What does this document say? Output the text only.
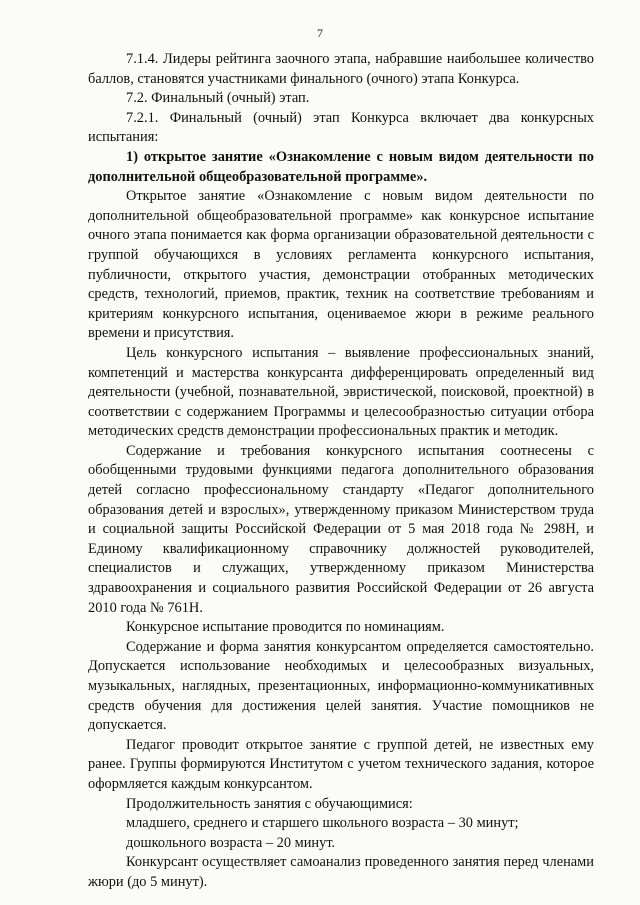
7

7.1.4. Лидеры рейтинга заочного этапа, набравшие наибольшее количество баллов, становятся участниками финального (очного) этапа Конкурса.

7.2. Финальный (очный) этап.

7.2.1. Финальный (очный) этап Конкурса включает два конкурсных испытания:

1) открытое занятие «Ознакомление с новым видом деятельности по дополнительной общеобразовательной программе».

Открытое занятие «Ознакомление с новым видом деятельности по дополнительной общеобразовательной программе» как конкурсное испытание очного этапа понимается как форма организации образовательной деятельности с группой обучающихся в условиях регламента конкурсного испытания, публичности, открытого участия, демонстрации отобранных методических средств, технологий, приемов, практик, техник на соответствие требованиям и критериям конкурсного испытания, оцениваемое жюри в режиме реального времени и присутствия.

Цель конкурсного испытания – выявление профессиональных знаний, компетенций и мастерства конкурсанта дифференцировать определенный вид деятельности (учебной, познавательной, эвристической, поисковой, проектной) в соответствии с содержанием Программы и целесообразностью ситуации отбора методических средств демонстрации профессиональных практик и методик.

Содержание и требования конкурсного испытания соотнесены с обобщенными трудовыми функциями педагога дополнительного образования детей согласно профессиональному стандарту «Педагог дополнительного образования детей и взрослых», утвержденному приказом Министерством труда и социальной защиты Российской Федерации от 5 мая 2018 года № 298Н, и Единому квалификационному справочнику должностей руководителей, специалистов и служащих, утвержденному приказом Министерства здравоохранения и социального развития Российской Федерации от 26 августа 2010 года № 761Н.

Конкурсное испытание проводится по номинациям.

Содержание и форма занятия конкурсантом определяется самостоятельно. Допускается использование необходимых и целесообразных визуальных, музыкальных, наглядных, презентационных, информационно-коммуникативных средств обучения для достижения целей занятия. Участие помощников не допускается.

Педагог проводит открытое занятие с группой детей, не известных ему ранее. Группы формируются Институтом с учетом технического задания, которое оформляется каждым конкурсантом.

Продолжительность занятия с обучающимися:

младшего, среднего и старшего школьного возраста – 30 минут;

дошкольного возраста – 20 минут.

Конкурсант осуществляет самоанализ проведенного занятия перед членами жюри (до 5 минут).
